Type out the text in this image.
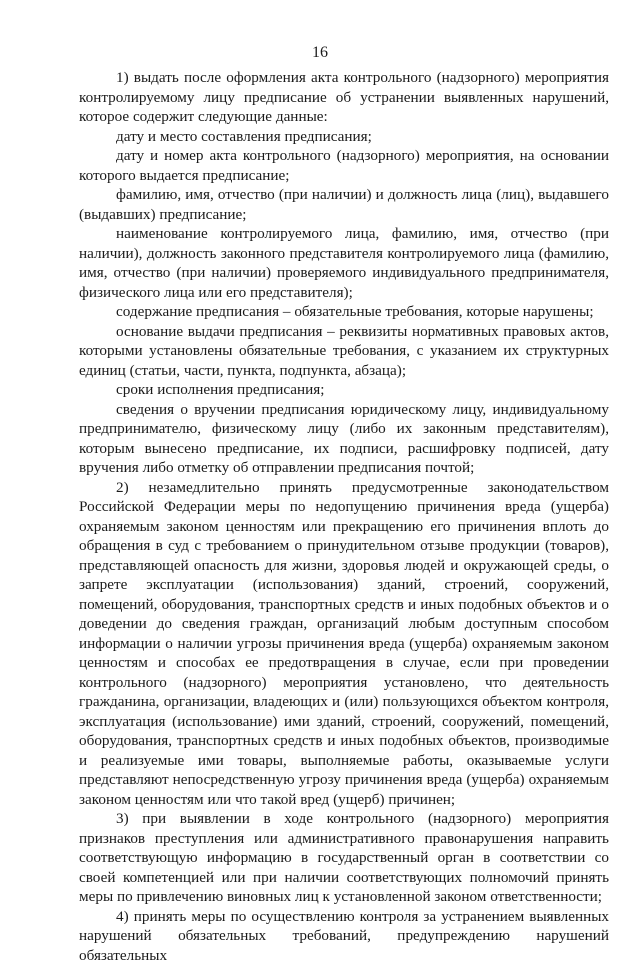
16

1) выдать после оформления акта контрольного (надзорного) мероприятия контролируемому лицу предписание об устранении выявленных нарушений, которое содержит следующие данные:

дату и место составления предписания;

дату и номер акта контрольного (надзорного) мероприятия, на основании которого выдается предписание;

фамилию, имя, отчество (при наличии) и должность лица (лиц), выдавшего (выдавших) предписание;

наименование контролируемого лица, фамилию, имя, отчество (при наличии), должность законного представителя контролируемого лица (фамилию, имя, отчество (при наличии) проверяемого индивидуального предпринимателя, физического лица или его представителя);

содержание предписания – обязательные требования, которые нарушены;

основание выдачи предписания – реквизиты нормативных правовых актов, которыми установлены обязательные требования, с указанием их структурных единиц (статьи, части, пункта, подпункта, абзаца);

сроки исполнения предписания;

сведения о вручении предписания юридическому лицу, индивидуальному предпринимателю, физическому лицу (либо их законным представителям), которым вынесено предписание, их подписи, расшифровку подписей, дату вручения либо отметку об отправлении предписания почтой;

2) незамедлительно принять предусмотренные законодательством Российской Федерации меры по недопущению причинения вреда (ущерба) охраняемым законом ценностям или прекращению его причинения вплоть до обращения в суд с требованием о принудительном отзыве продукции (товаров), представляющей опасность для жизни, здоровья людей и окружающей среды, о запрете эксплуатации (использования) зданий, строений, сооружений, помещений, оборудования, транспортных средств и иных подобных объектов и о доведении до сведения граждан, организаций любым доступным способом информации о наличии угрозы причинения вреда (ущерба) охраняемым законом ценностям и способах ее предотвращения в случае, если при проведении контрольного (надзорного) мероприятия установлено, что деятельность гражданина, организации, владеющих и (или) пользующихся объектом контроля, эксплуатация (использование) ими зданий, строений, сооружений, помещений, оборудования, транспортных средств и иных подобных объектов, производимые и реализуемые ими товары, выполняемые работы, оказываемые услуги представляют непосредственную угрозу причинения вреда (ущерба) охраняемым законом ценностям или что такой вред (ущерб) причинен;

3) при выявлении в ходе контрольного (надзорного) мероприятия признаков преступления или административного правонарушения направить соответствующую информацию в государственный орган в соответствии со своей компетенцией или при наличии соответствующих полномочий принять меры по привлечению виновных лиц к установленной законом ответственности;

4) принять меры по осуществлению контроля за устранением выявленных нарушений обязательных требований, предупреждению нарушений обязательных
